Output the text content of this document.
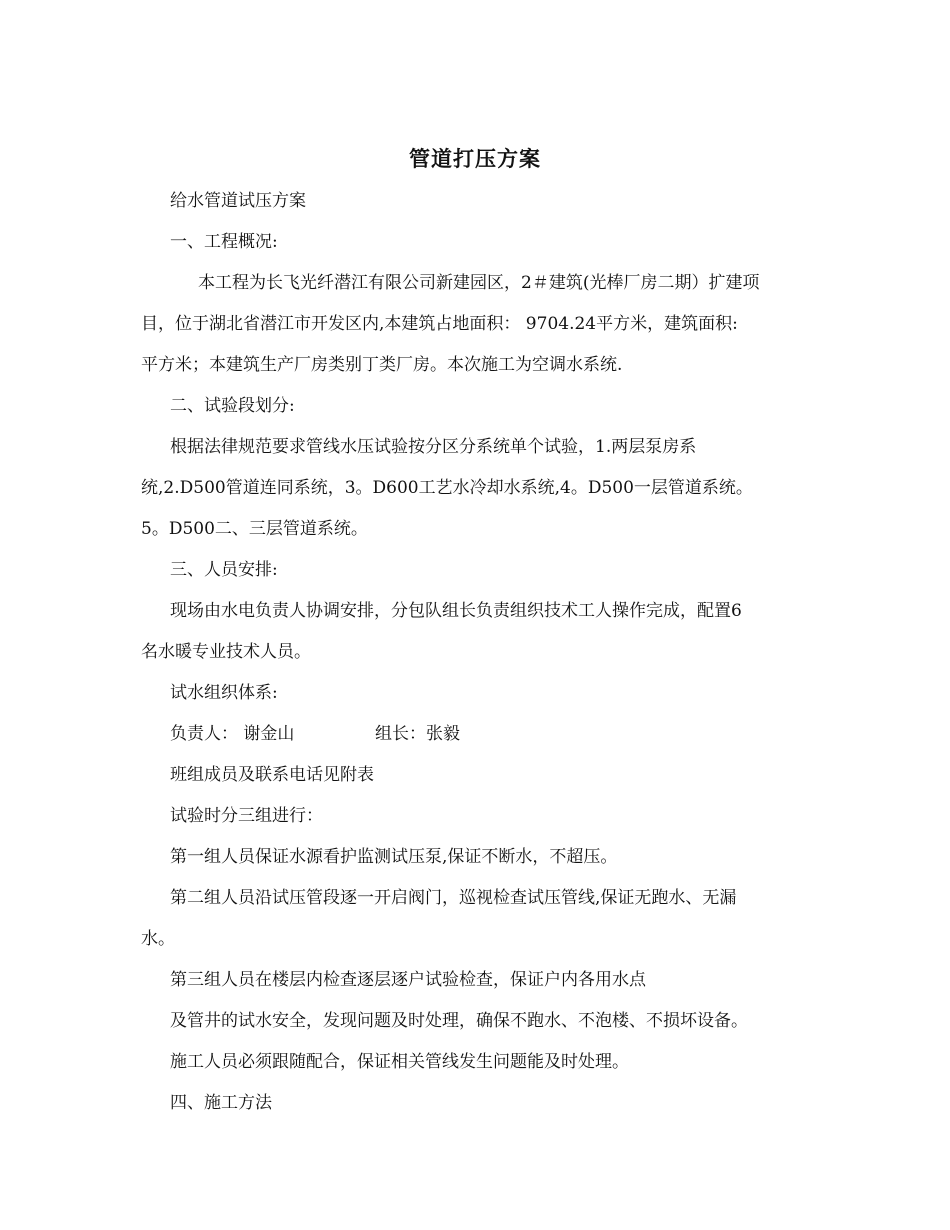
管道打压方案
给水管道试压方案
一、工程概况:
本工程为长飞光纤潜江有限公司新建园区，2＃建筑(光棒厂房二期）扩建项
目，位于湖北省潜江市开发区内,本建筑占地面积： 9704.24平方米，建筑面积:
平方米；本建筑生产厂房类别丁类厂房。本次施工为空调水系统.
二、试验段划分:
根据法律规范要求管线水压试验按分区分系统单个试验，1.两层泵房系
统,2.D500管道连同系统，3。D600工艺水冷却水系统,4。D500一层管道系统。
5。D500二、三层管道系统。
三、人员安排:
现场由水电负责人协调安排，分包队组长负责组织技术工人操作完成，配置6
名水暖专业技术人员。
试水组织体系:
负责人： 谢金山	组长：张毅
班组成员及联系电话见附表
试验时分三组进行：
第一组人员保证水源看护监测试压泵,保证不断水，不超压。
第二组人员沿试压管段逐一开启阀门，巡视检查试压管线,保证无跑水、无漏
水。
第三组人员在楼层内检查逐层逐户试验检查，保证户内各用水点
及管井的试水安全，发现问题及时处理，确保不跑水、不泡楼、不损坏设备。
施工人员必须跟随配合，保证相关管线发生问题能及时处理。
四、施工方法
